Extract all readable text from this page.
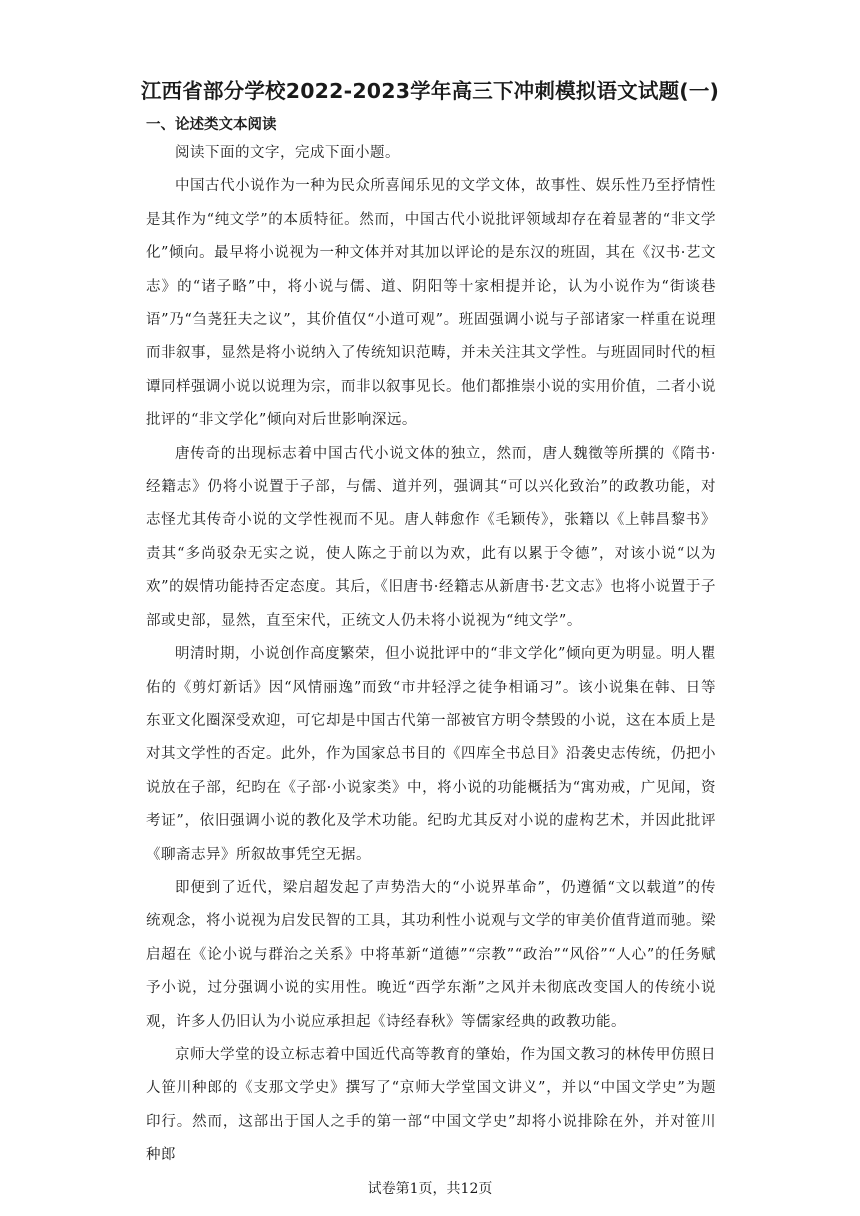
江西省部分学校2022-2023学年高三下冲刺模拟语文试题(一)
一、论述类文本阅读

阅读下面的文字，完成下面小题。

中国古代小说作为一种为民众所喜闻乐见的文学文体，故事性、娱乐性乃至抒情性是其作为“纯文学”的本质特征。然而，中国古代小说批评领域却存在着显著的“非文学化”倾向。最早将小说视为一种文体并对其加以评论的是东汉的班固，其在《汉书·艺文志》的“诸子略”中，将小说与儒、道、阴阳等十家相提并论，认为小说作为“街谈巷语”乃“刍荛狂夫之议”，其价值仅“小道可观”。班固强调小说与子部诸家一样重在说理而非叙事，显然是将小说纳入了传统知识范畴，并未关注其文学性。与班固同时代的桓谭同样强调小说以说理为宗，而非以叙事见长。他们都推崇小说的实用价值，二者小说批评的“非文学化”倾向对后世影响深远。

唐传奇的出现标志着中国古代小说文体的独立，然而，唐人魏徵等所撰的《隋书·经籍志》仍将小说置于子部，与儒、道并列，强调其“可以兴化致治”的政教功能，对志怪尤其传奇小说的文学性视而不见。唐人韩愈作《毛颖传》，张籍以《上韩昌黎书》责其“多尚驳杂无实之说，使人陈之于前以为欢，此有以累于令德”，对该小说“以为欢”的娱情功能持否定态度。其后，《旧唐书·经籍志从新唐书·艺文志》也将小说置于子部或史部，显然，直至宋代，正统文人仍未将小说视为“纯文学”。

明清时期，小说创作高度繁荣，但小说批评中的“非文学化”倾向更为明显。明人瞿佑的《剪灯新话》因“风情丽逸”而致“市井轻浮之徒争相诵习”。该小说集在韩、日等东亚文化圈深受欢迎，可它却是中国古代第一部被官方明令禁毁的小说，这在本质上是对其文学性的否定。此外，作为国家总书目的《四库全书总目》沿袭史志传统，仍把小说放在子部，纪昀在《子部·小说家类》中，将小说的功能概括为“寓劝戒，广见闻，资考证”，依旧强调小说的教化及学术功能。纪昀尤其反对小说的虚构艺术，并因此批评《聊斋志异》所叙故事凭空无据。

即便到了近代，梁启超发起了声势浩大的“小说界革命”，仍遵循“文以载道”的传统观念，将小说视为启发民智的工具，其功利性小说观与文学的审美价值背道而驰。梁启超在《论小说与群治之关系》中将革新“道德”“宗教”“政治”“风俗”“人心”的任务赋予小说，过分强调小说的实用性。晚近“西学东渐”之风并未彻底改变国人的传统小说观，许多人仍旧认为小说应承担起《诗经春秋》等儒家经典的政教功能。

京师大学堂的设立标志着中国近代高等教育的肇始，作为国文教习的林传甲仿照日人笹川种郎的《支那文学史》撰写了“京师大学堂国文讲义”，并以“中国文学史”为题印行。然而，这部出于国人之手的第一部“中国文学史”却将小说排除在外，并对笹川种郎

试卷第1页，共12页
